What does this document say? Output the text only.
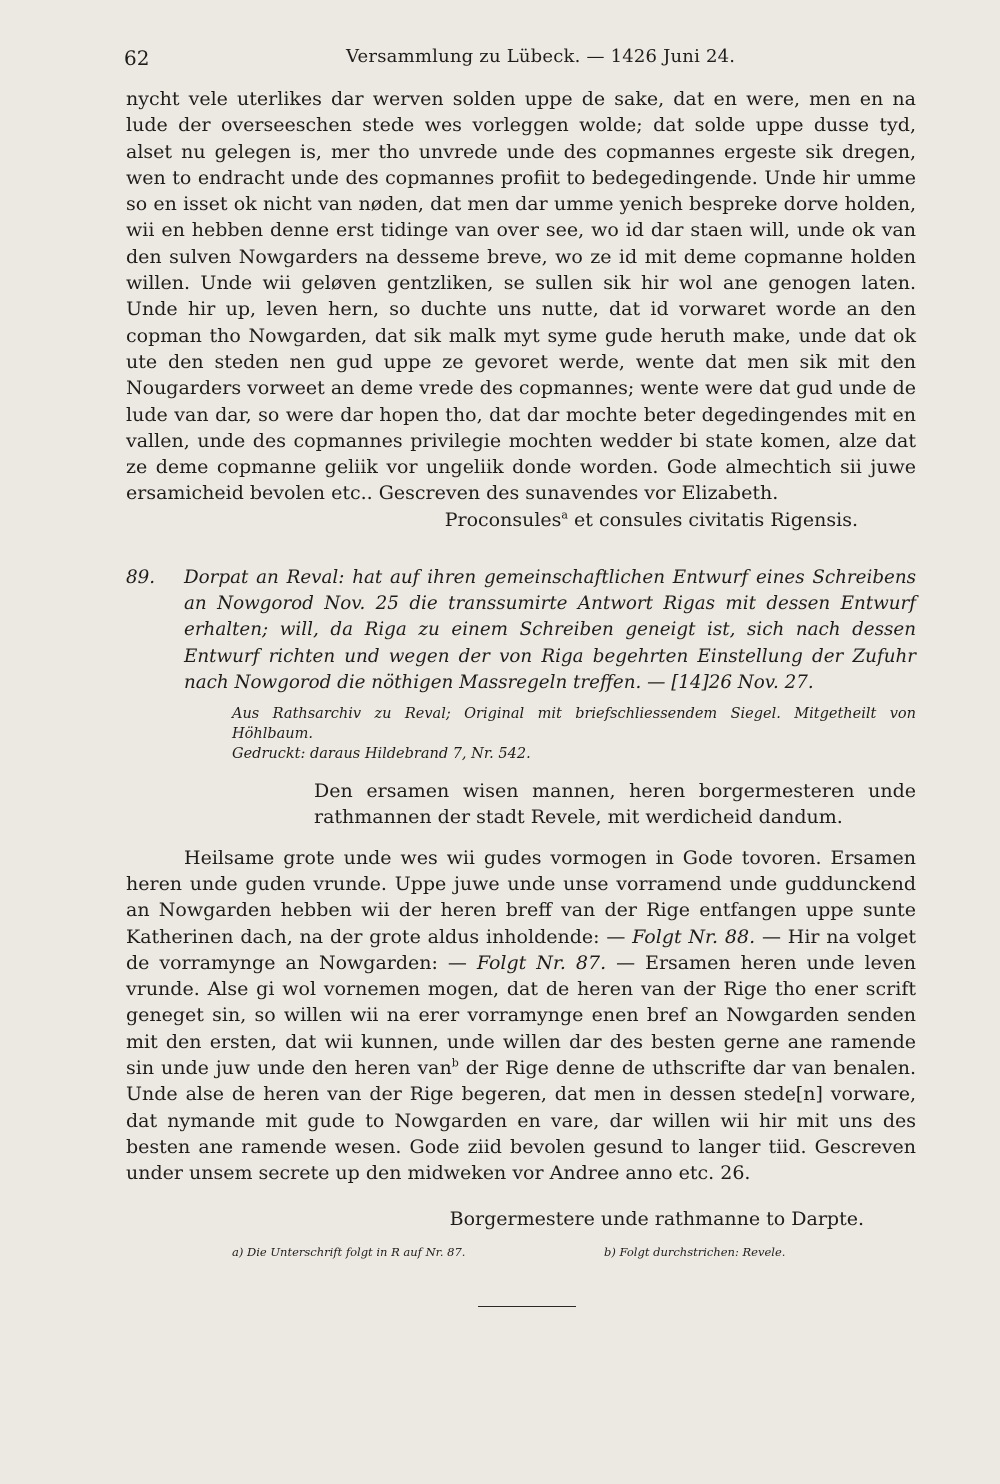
62	Versammlung zu Lübeck. — 1426 Juni 24.

nycht vele uterlikes dar werven solden uppe de sake, dat en were, men en na lude der overseeschen stede wes vorleggen wolde; dat solde uppe dusse tyd, alset nu gelegen is, mer tho unvrede unde des copmannes ergeste sik dregen, wen to endracht unde des copmannes profiit to bedegedingende. Unde hir umme so en isset ok nicht van nøden, dat men dar umme yenich bespreke dorve holden, wii en hebben denne erst tidinge van over see, wo id dar staen will, unde ok van den sulven Nowgarders na desseme breve, wo ze id mit deme copmanne holden willen. Unde wii geløven gentzliken, se sullen sik hir wol ane genogen laten. Unde hir up, leven hern, so duchte uns nutte, dat id vorwaret worde an den copman tho Nowgarden, dat sik malk myt syme gude heruth make, unde dat ok ute den steden nen gud uppe ze gevoret werde, wente dat men sik mit den Nougarders vorweet an deme vrede des copmannes; wente were dat gud unde de lude van dar, so were dar hopen tho, dat dar mochte beter degedingendes mit en vallen, unde des copmannes privilegie mochten wedder bi state komen, alze dat ze deme copmanne geliik vor ungeliik donde worden. Gode almechtich sii juwe ersamicheid bevolen etc.. Gescreven des sunavendes vor Elizabeth.

Proconsules$^a$ et consules civitatis Rigensis.

89. Dorpat an Reval: hat auf ihren gemeinschaftlichen Entwurf eines Schreibens an Nowgorod Nov. 25 die transsumirte Antwort Rigas mit dessen Entwurf erhalten; will, da Riga zu einem Schreiben geneigt ist, sich nach dessen Entwurf richten und wegen der von Riga begehrten Einstellung der Zufuhr nach Nowgorod die nöthigen Massregeln treffen. — [14]26 Nov. 27.
Aus Rathsarchiv zu Reval; Original mit briefschliessendem Siegel. Mitgetheilt von Höhlbaum.
Gedruckt: daraus Hildebrand 7, Nr. 542.
Den ersamen wisen mannen, heren borgermesteren unde rathmannen der stadt Revele, mit werdicheid dandum.

Heilsame grote unde wes wii gudes vormogen in Gode tovoren. Ersamen heren unde guden vrunde. Uppe juwe unde unse vorramend unde guddunckend an Nowgarden hebben wii der heren breff van der Rige entfangen uppe sunte Katherinen dach, na der grote aldus inholdende: — Folgt Nr. 88. — Hir na volget de vorramynge an Nowgarden: — Folgt Nr. 87. — Ersamen heren unde leven vrunde. Alse gi wol vornemen mogen, dat de heren van der Rige tho ener scrift geneget sin, so willen wii na erer vorramynge enen bref an Nowgarden senden mit den ersten, dat wii kunnen, unde willen dar des besten gerne ane ramende sin unde juw unde den heren van$^b$ der Rige denne de uthscrifte dar van benalen. Unde alse de heren van der Rige begeren, dat men in dessen stede[n] vorware, dat nymande mit gude to Nowgarden en vare, dar willen wii hir mit uns des besten ane ramende wesen. Gode ziid bevolen gesund to langer tiid. Gescreven under unsem secrete up den midweken vor Andree anno etc. 26.

Borgermestere unde rathmanne to Darpte.

a) Die Unterschrift folgt in R auf Nr. 87.	b) Folgt durchstrichen: Revele.
